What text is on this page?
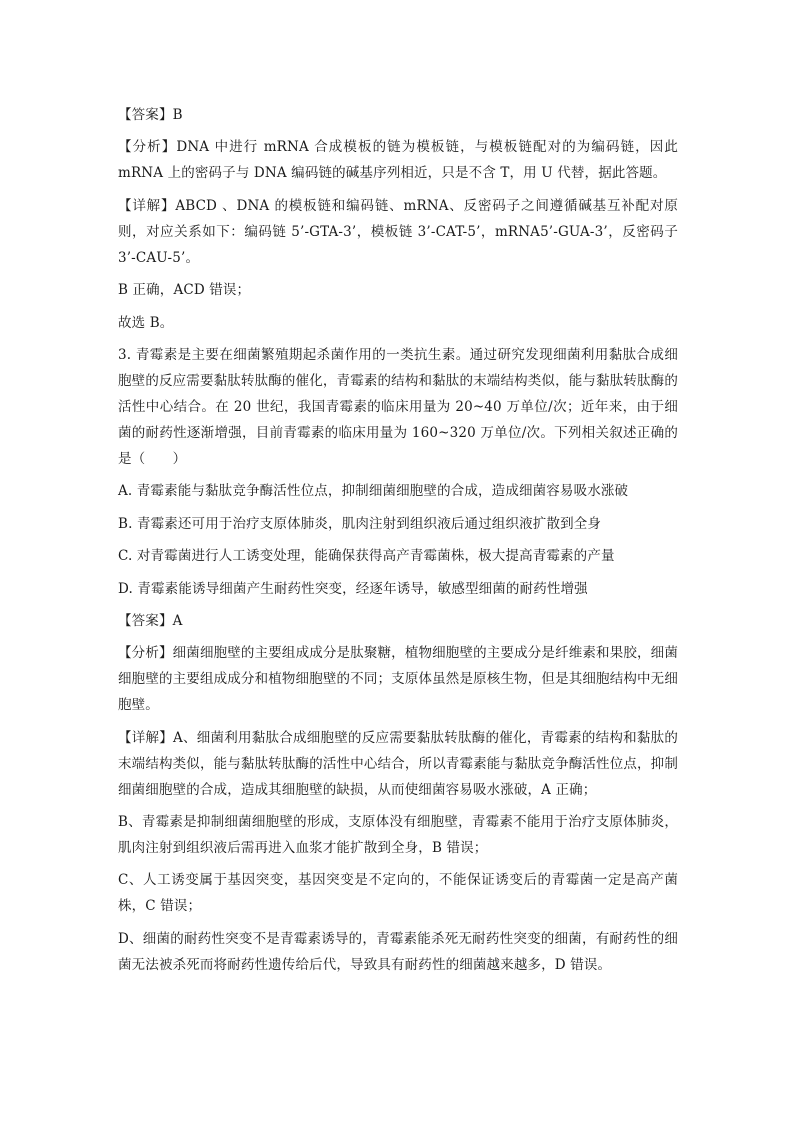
【答案】B

【分析】DNA 中进行 mRNA 合成模板的链为模板链，与模板链配对的为编码链，因此 mRNA 上的密码子与 DNA 编码链的碱基序列相近，只是不含 T，用 U 代替，据此答题。

【详解】ABCD 、DNA 的模板链和编码链、mRNA、反密码子之间遵循碱基互补配对原则，对应关系如下：编码链 5’-GTA-3’，模板链 3’-CAT-5’，mRNA5’-GUA-3’，反密码子 3’-CAU-5’。

B 正确，ACD 错误；

故选 B。

3. 青霉素是主要在细菌繁殖期起杀菌作用的一类抗生素。通过研究发现细菌利用黏肽合成细胞壁的反应需要黏肽转肽酶的催化，青霉素的结构和黏肽的末端结构类似，能与黏肽转肽酶的活性中心结合。在 20 世纪，我国青霉素的临床用量为 20~40 万单位/次；近年来，由于细菌的耐药性逐渐增强，目前青霉素的临床用量为 160~320 万单位/次。下列相关叙述正确的是（　　）

A. 青霉素能与黏肽竞争酶活性位点，抑制细菌细胞壁的合成，造成细菌容易吸水涨破

B. 青霉素还可用于治疗支原体肺炎，肌肉注射到组织液后通过组织液扩散到全身

C. 对青霉菌进行人工诱变处理，能确保获得高产青霉菌株，极大提高青霉素的产量

D. 青霉素能诱导细菌产生耐药性突变，经逐年诱导，敏感型细菌的耐药性增强

【答案】A

【分析】细菌细胞壁的主要组成成分是肽聚糖，植物细胞壁的主要成分是纤维素和果胶，细菌细胞壁的主要组成成分和植物细胞壁的不同；支原体虽然是原核生物，但是其细胞结构中无细胞壁。

【详解】A、细菌利用黏肽合成细胞壁的反应需要黏肽转肽酶的催化，青霉素的结构和黏肽的末端结构类似，能与黏肽转肽酶的活性中心结合，所以青霉素能与黏肽竞争酶活性位点，抑制细菌细胞壁的合成，造成其细胞壁的缺损，从而使细菌容易吸水涨破，A 正确；

B、青霉素是抑制细菌细胞壁的形成，支原体没有细胞壁，青霉素不能用于治疗支原体肺炎，肌肉注射到组织液后需再进入血浆才能扩散到全身，B 错误；

C、人工诱变属于基因突变，基因突变是不定向的，不能保证诱变后的青霉菌一定是高产菌株，C 错误；

D、细菌的耐药性突变不是青霉素诱导的，青霉素能杀死无耐药性突变的细菌，有耐药性的细菌无法被杀死而将耐药性遗传给后代，导致具有耐药性的细菌越来越多，D 错误。
